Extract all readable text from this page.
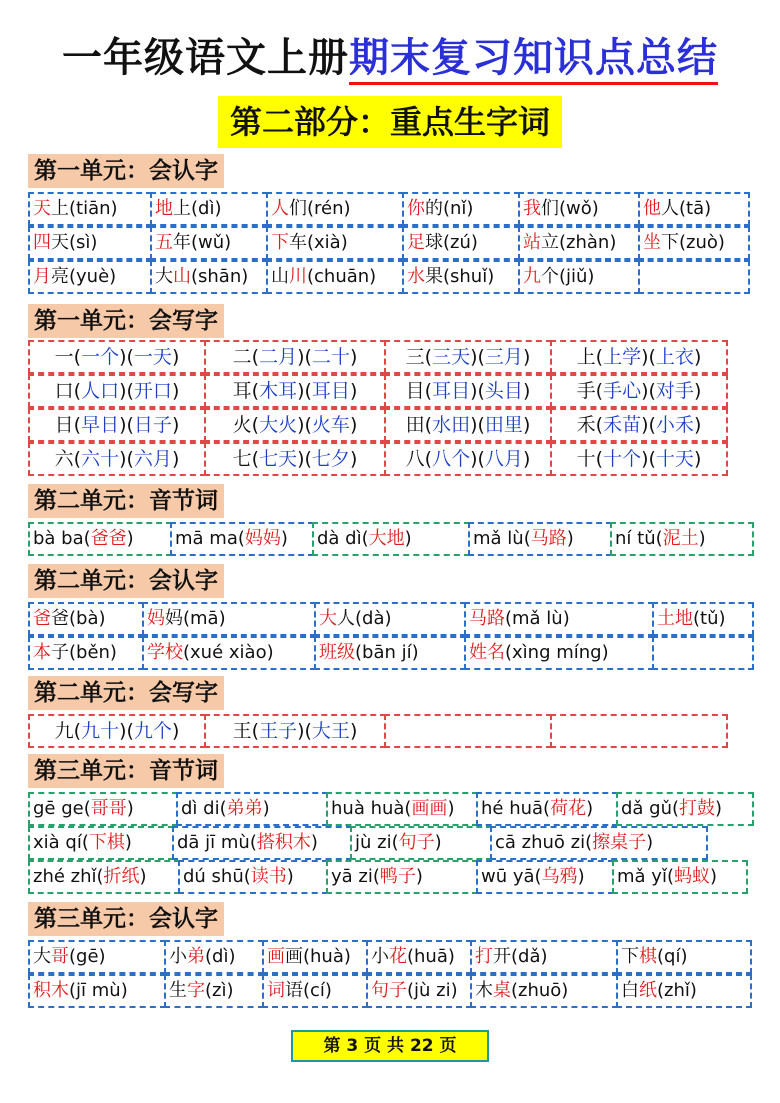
一年级语文上册期末复习知识点总结
第二部分：重点生字词
第一单元：会认字
天上(tiān)	地上(dì)	人们(rén)	你的(nǐ)	我们(wǒ)	他人(tā)
四天(sì)	五年(wǔ)	下车(xià)	足球(zú)	站立(zhàn)	坐下(zuò)
月亮(yuè)	大山(shān)	山川(chuān)	水果(shuǐ)	九个(jiǔ)
第一单元：会写字
一(一个)(一天)	二(二月)(二十)	三(三天)(三月)	上(上学)(上衣)
口(人口)(开口)	耳(木耳)(耳目)	目(耳目)(头目)	手(手心)(对手)
日(早日)(日子)	火(大火)(火车)	田(水田)(田里)	禾(禾苗)(小禾)
六(六十)(六月)	七(七天)(七夕)	八(八个)(八月)	十(十个)(十天)
第二单元：音节词
bà ba(爸爸)	mā ma(妈妈)	dà dì(大地)	mǎ lù(马路)	ní tǔ(泥土)
第二单元：会认字
爸爸(bà)	妈妈(mā)	大人(dà)	马路(mǎ lù)	土地(tǔ)
本子(běn)	学校(xué xiào)	班级(bān jí)	姓名(xìng míng)
第二单元：会写字
九(九十)(九个)	王(王子)(大王)
第三单元：音节词
gē ge(哥哥)	dì di(弟弟)	huà huà(画画)	hé huā(荷花)	dǎ gǔ(打鼓)
xià qí(下棋)	dā jī mù(搭积木)	jù zi(句子)	cā zhuō zi(擦桌子)
zhé zhǐ(折纸)	dú shū(读书)	yā zi(鸭子)	wū yā(乌鸦)	mǎ yǐ(蚂蚁)
第三单元：会认字
大哥(gē)	小弟(dì)	画画(huà)	小花(huā)	打开(dǎ)	下棋(qí)
积木(jī mù)	生字(zì)	词语(cí)	句子(jù zi) 木桌(zhuō)	白纸(zhǐ)
第 3 页 共 22 页
